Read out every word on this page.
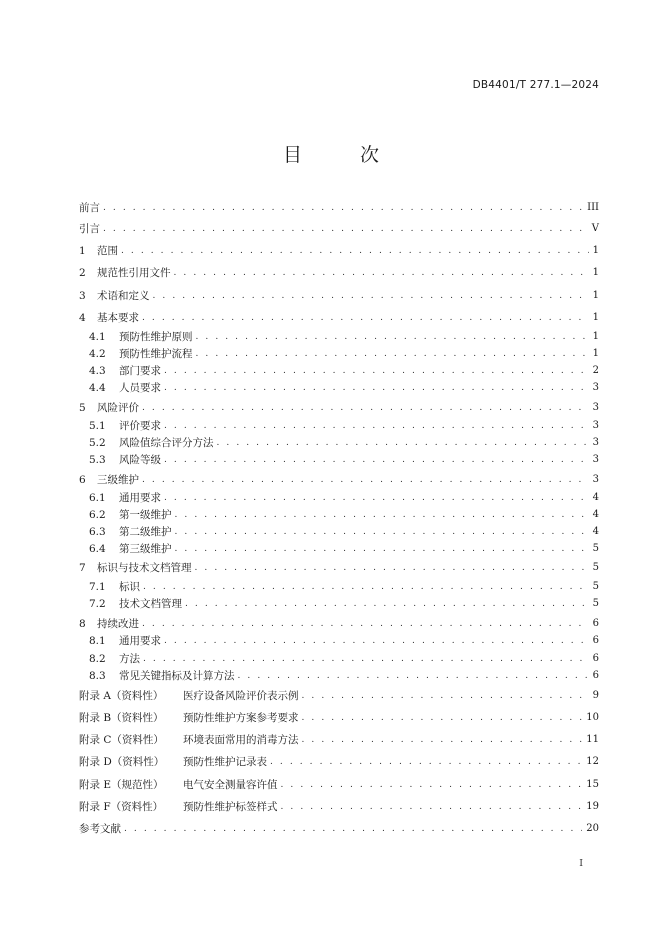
DB4401/T 277.1—2024
目 次
前言 . . .	III
引言 . . .	V
1	范围 . . .	1
2	规范性引用文件 . . .	1
3	术语和定义 . . .	1
4	基本要求 . . .	1
4.1	预防性维护原则 . . .	1
4.2	预防性维护流程 . . .	1
4.3	部门要求 . . .	2
4.4	人员要求 . . .	3
5	风险评价 . . .	3
5.1	评价要求 . . .	3
5.2	风险值综合评分方法 . . .	3
5.3	风险等级 . . .	3
6	三级维护 . . .	3
6.1	通用要求 . . .	4
6.2	第一级维护 . . .	4
6.3	第二级维护 . . .	4
6.4	第三级维护 . . .	5
7	标识与技术文档管理 . . .	5
7.1	标识 . . .	5
7.2	技术文档管理 . . .	5
8	持续改进 . . .	6
8.1	通用要求 . . .	6
8.2	方法 . . .	6
8.3	常见关键指标及计算方法 . . .	6
附录 A（资料性）	医疗设备风险评价表示例 . . .	9
附录 B（资料性）	预防性维护方案参考要求 . . .	10
附录 C（资料性）	环境表面常用的消毒方法 . . .	11
附录 D（资料性）	预防性维护记录表 . . .	12
附录 E（规范性）	电气安全测量容许值 . . .	15
附录 F（资料性）	预防性维护标签样式 . . .	19
参考文献 . . .	20
I
